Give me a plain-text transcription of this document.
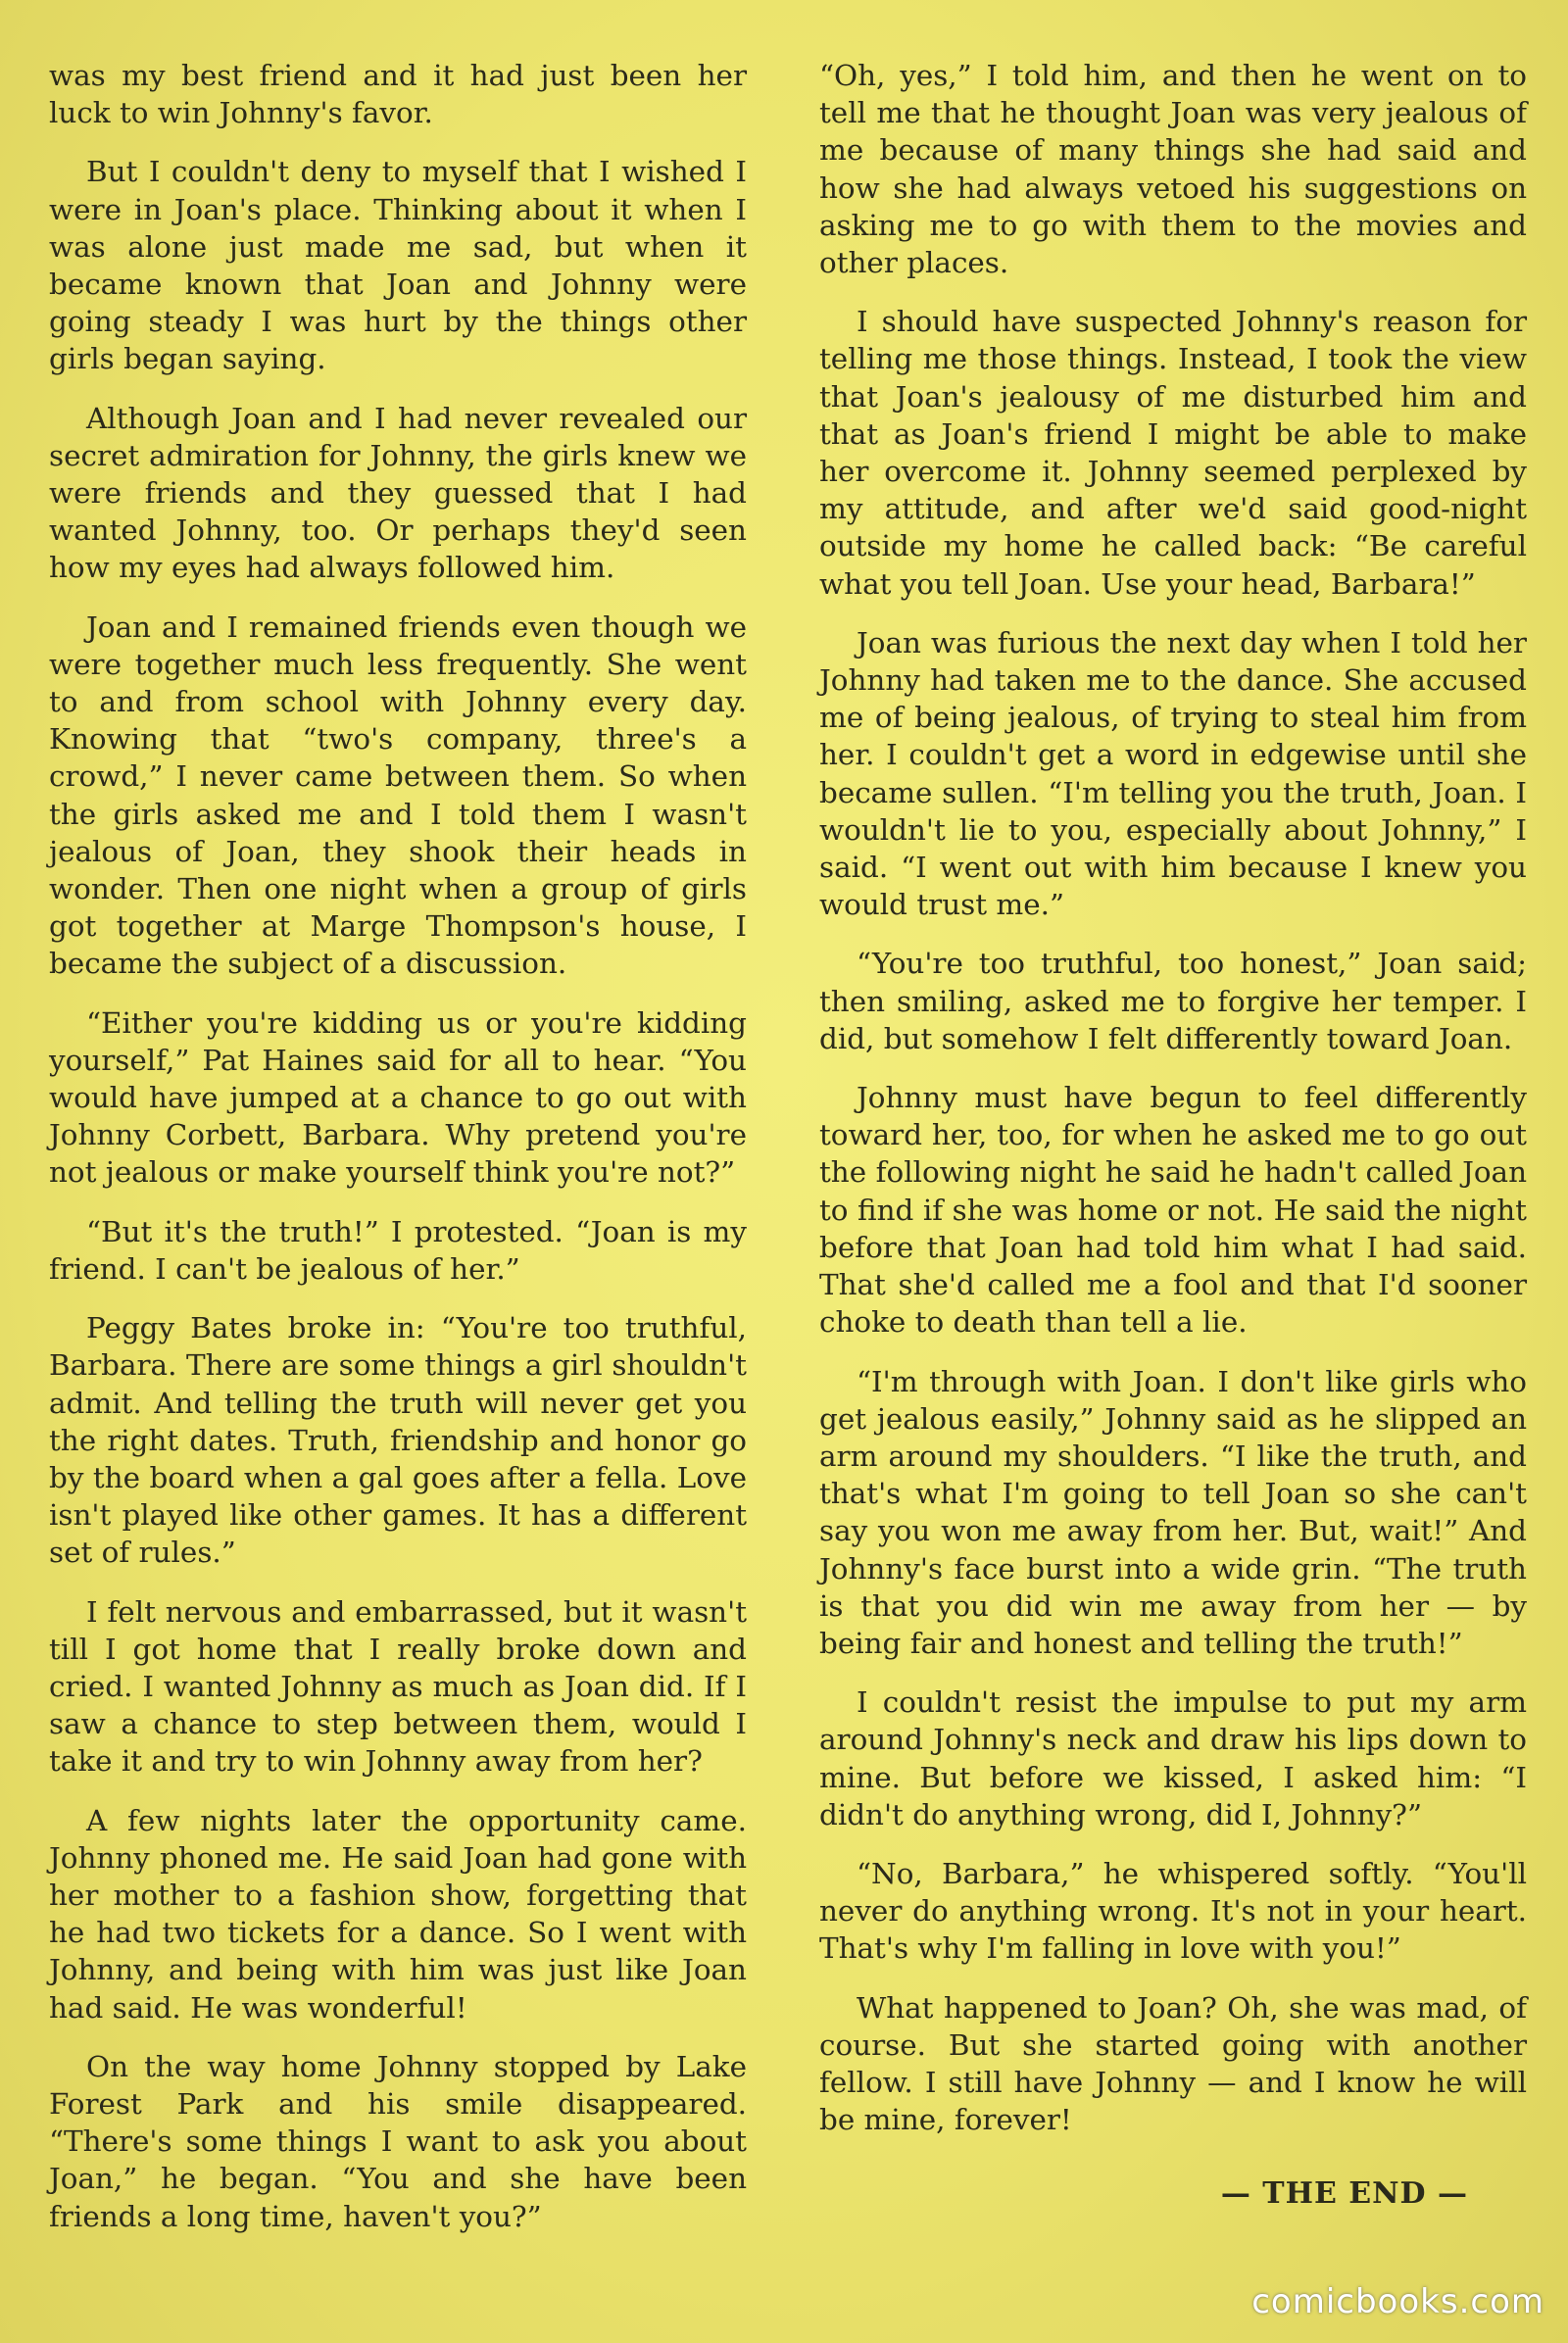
was my best friend and it had just been her luck to win Johnny's favor.

But I couldn't deny to myself that I wished I were in Joan's place. Thinking about it when I was alone just made me sad, but when it became known that Joan and Johnny were going steady I was hurt by the things other girls began saying.

Although Joan and I had never revealed our secret admiration for Johnny, the girls knew we were friends and they guessed that I had wanted Johnny, too. Or perhaps they'd seen how my eyes had always followed him.

Joan and I remained friends even though we were together much less frequently. She went to and from school with Johnny every day. Knowing that “two's company, three's a crowd,” I never came between them. So when the girls asked me and I told them I wasn't jealous of Joan, they shook their heads in wonder. Then one night when a group of girls got together at Marge Thompson's house, I became the subject of a discussion.

“Either you're kidding us or you're kidding yourself,” Pat Haines said for all to hear. “You would have jumped at a chance to go out with Johnny Corbett, Barbara. Why pretend you're not jealous or make yourself think you're not?”

“But it's the truth!” I protested. “Joan is my friend. I can't be jealous of her.”

Peggy Bates broke in: “You're too truthful, Barbara. There are some things a girl shouldn't admit. And telling the truth will never get you the right dates. Truth, friendship and honor go by the board when a gal goes after a fella. Love isn't played like other games. It has a different set of rules.”

I felt nervous and embarrassed, but it wasn't till I got home that I really broke down and cried. I wanted Johnny as much as Joan did. If I saw a chance to step between them, would I take it and try to win Johnny away from her?

A few nights later the opportunity came. Johnny phoned me. He said Joan had gone with her mother to a fashion show, forgetting that he had two tickets for a dance. So I went with Johnny, and being with him was just like Joan had said. He was wonderful!

On the way home Johnny stopped by Lake Forest Park and his smile disappeared. “There's some things I want to ask you about Joan,” he began. “You and she have been friends a long time, haven't you?”

“Oh, yes,” I told him, and then he went on to tell me that he thought Joan was very jealous of me because of many things she had said and how she had always vetoed his suggestions on asking me to go with them to the movies and other places.

I should have suspected Johnny's reason for telling me those things. Instead, I took the view that Joan's jealousy of me disturbed him and that as Joan's friend I might be able to make her overcome it. Johnny seemed perplexed by my attitude, and after we'd said good-night outside my home he called back: “Be careful what you tell Joan. Use your head, Barbara!”

Joan was furious the next day when I told her Johnny had taken me to the dance. She accused me of being jealous, of trying to steal him from her. I couldn't get a word in edgewise until she became sullen. “I'm telling you the truth, Joan. I wouldn't lie to you, especially about Johnny,” I said. “I went out with him because I knew you would trust me.”

“You're too truthful, too honest,” Joan said; then smiling, asked me to forgive her temper. I did, but somehow I felt differently toward Joan.

Johnny must have begun to feel differently toward her, too, for when he asked me to go out the following night he said he hadn't called Joan to find if she was home or not. He said the night before that Joan had told him what I had said. That she'd called me a fool and that I'd sooner choke to death than tell a lie.

“I'm through with Joan. I don't like girls who get jealous easily,” Johnny said as he slipped an arm around my shoulders. “I like the truth, and that's what I'm going to tell Joan so she can't say you won me away from her. But, wait!” And Johnny's face burst into a wide grin. “The truth is that you did win me away from her — by being fair and honest and telling the truth!”

I couldn't resist the impulse to put my arm around Johnny's neck and draw his lips down to mine. But before we kissed, I asked him: “I didn't do anything wrong, did I, Johnny?”

“No, Barbara,” he whispered softly. “You'll never do anything wrong. It's not in your heart. That's why I'm falling in love with you!”

What happened to Joan? Oh, she was mad, of course. But she started going with another fellow. I still have Johnny — and I know he will be mine, forever!

— THE END —
comicbooks.com
